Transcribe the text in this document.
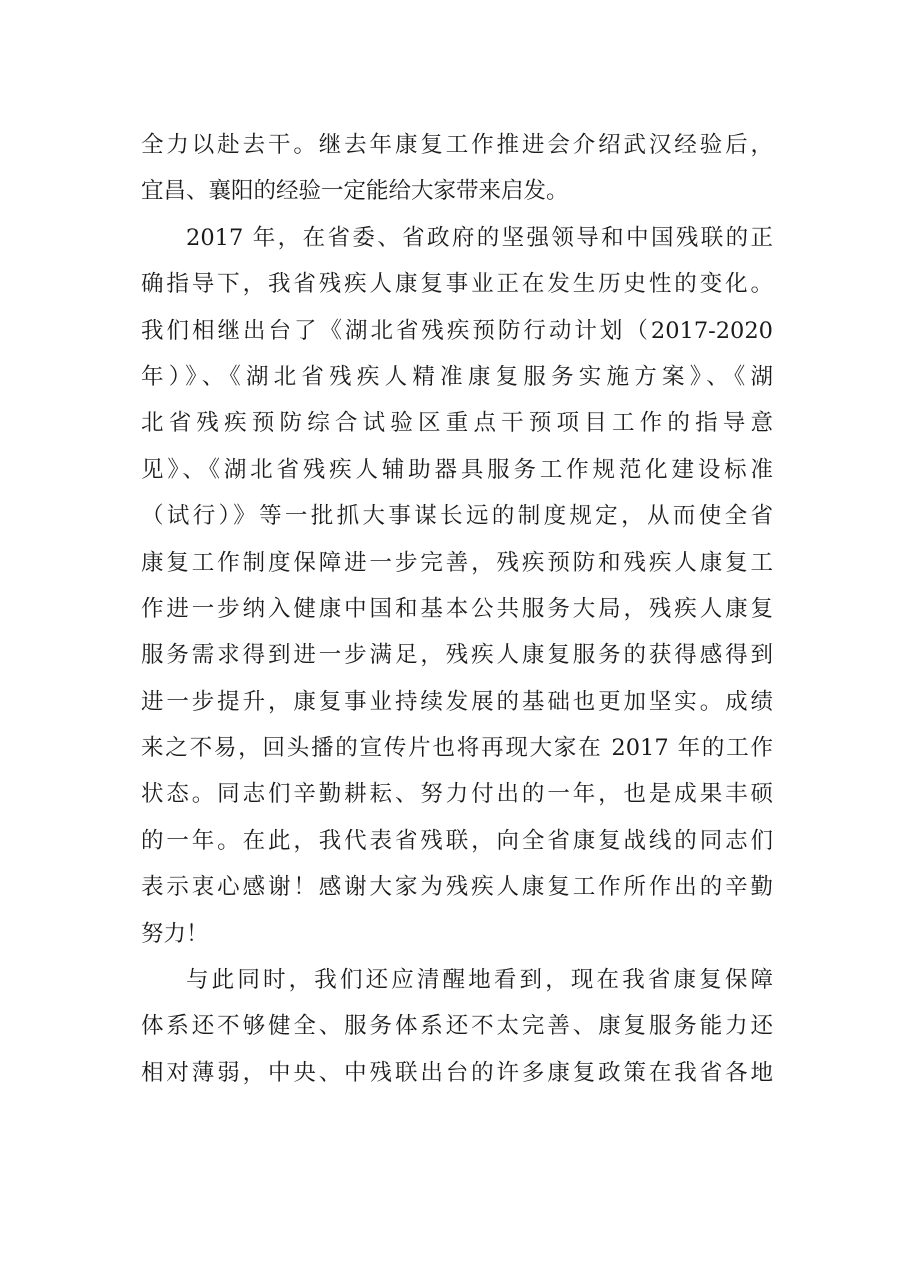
全力以赴去干。继去年康复工作推进会介绍武汉经验后，
宜昌、襄阳的经验一定能给大家带来启发。
2017 年，在省委、省政府的坚强领导和中国残联的正
确指导下，我省残疾人康复事业正在发生历史性的变化。
我们相继出台了《湖北省残疾预防行动计划（2017-2020
年）》、《湖北省残疾人精准康复服务实施方案》、《湖
北省残疾预防综合试验区重点干预项目工作的指导意
见》、《湖北省残疾人辅助器具服务工作规范化建设标准
（试行）》等一批抓大事谋长远的制度规定，从而使全省
康复工作制度保障进一步完善，残疾预防和残疾人康复工
作进一步纳入健康中国和基本公共服务大局，残疾人康复
服务需求得到进一步满足，残疾人康复服务的获得感得到
进一步提升，康复事业持续发展的基础也更加坚实。成绩
来之不易，回头播的宣传片也将再现大家在 2017 年的工作
状态。同志们辛勤耕耘、努力付出的一年，也是成果丰硕
的一年。在此，我代表省残联，向全省康复战线的同志们
表示衷心感谢！感谢大家为残疾人康复工作所作出的辛勤
努力！
与此同时，我们还应清醒地看到，现在我省康复保障
体系还不够健全、服务体系还不太完善、康复服务能力还
相对薄弱，中央、中残联出台的许多康复政策在我省各地
